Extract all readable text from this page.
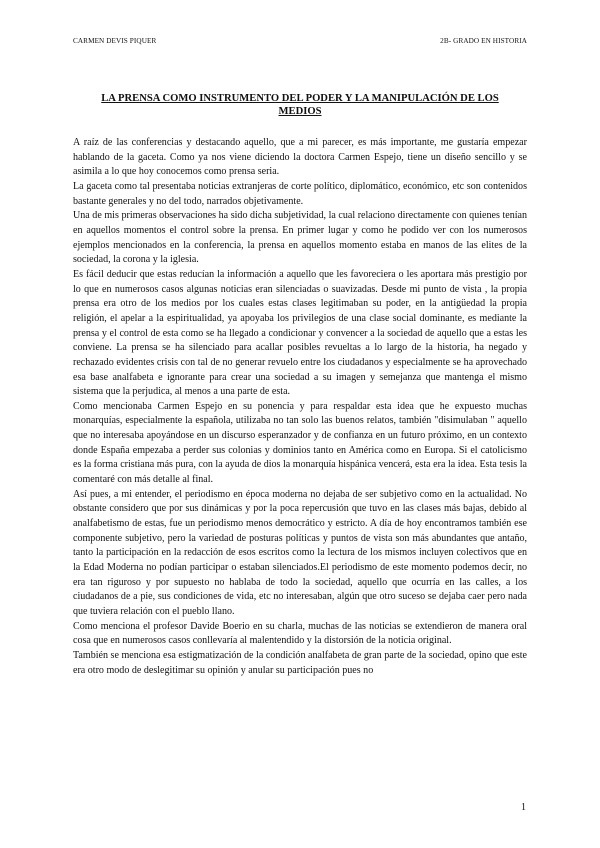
CARMEN DEVIS PIQUER	2B- GRADO EN HISTORIA
LA PRENSA COMO INSTRUMENTO DEL PODER Y LA MANIPULACIÓN DE LOS MEDIOS

A raíz de las conferencias y destacando aquello, que a mi parecer, es más importante, me gustaría empezar hablando de la gaceta. Como ya nos viene diciendo la doctora Carmen Espejo, tiene un diseño sencillo y se asimila a lo que hoy conocemos como prensa seria.

La gaceta como tal presentaba noticias extranjeras de corte político, diplomático, económico, etc son contenidos bastante generales y no del todo, narrados objetivamente.

Una de mis primeras observaciones ha sido dicha subjetividad, la cual relaciono directamente con quienes tenían en aquellos momentos el control sobre la prensa. En primer lugar y como he podido ver con los numerosos ejemplos mencionados en la conferencia, la prensa en aquellos momento estaba en manos de las elites de la sociedad, la corona y la iglesia.

Es fácil deducir que estas reducían la información a aquello que les favoreciera o les aportara más prestigio por lo que en numerosos casos algunas noticias eran silenciadas o suavizadas. Desde mi punto de vista , la propia prensa era otro de los medios por los cuales estas clases legitimaban su poder, en la antigüedad la propia religión, el apelar a la espiritualidad, ya apoyaba los privilegios de una clase social dominante, es mediante la prensa y el control de esta como se ha llegado a condicionar y convencer a la sociedad de aquello que a estas les conviene. La prensa se ha silenciado para acallar posibles revueltas a lo largo de la historia, ha negado y rechazado evidentes crisis con tal de no generar revuelo entre los ciudadanos y especialmente se ha aprovechado esa base analfabeta e ignorante para crear una sociedad a su imagen y semejanza que mantenga el mismo sistema que la perjudica, al menos a una parte de esta.

Como mencionaba Carmen Espejo en su ponencia y para respaldar esta idea que he expuesto muchas monarquías, especialmente la española, utilizaba no tan solo las buenos relatos, también "disimulaban " aquello que no interesaba apoyándose en un discurso esperanzador y de confianza en un futuro próximo, en un contexto donde España empezaba a perder sus colonias y dominios tanto en América como en Europa. Si el catolicismo es la forma cristiana más pura, con la ayuda de dios la monarquía hispánica vencerá, esta era la idea. Esta tesis la comentaré con más detalle al final.

Así pues, a mi entender, el periodismo en época moderna no dejaba de ser subjetivo como en la actualidad. No obstante considero que por sus dinámicas y por la poca repercusión que tuvo en las clases más bajas, debido al analfabetismo de estas, fue un periodismo menos democrático y estricto. A día de hoy encontramos también ese componente subjetivo, pero la variedad de posturas políticas y puntos de vista son más abundantes que antaño, tanto la participación en la redacción de esos escritos como la lectura de los mismos incluyen colectivos que en la Edad Moderna no podían participar o estaban silenciados.El periodismo de este momento podemos decir, no era tan riguroso y por supuesto no hablaba de todo la sociedad, aquello que ocurría en las calles, a los ciudadanos de a pie, sus condiciones de vida, etc no interesaban, algún que otro suceso se dejaba caer pero nada que tuviera relación con el pueblo llano.

Como menciona el profesor Davide Boerio en su charla, muchas de las noticias se extendieron de manera oral cosa que en numerosos casos conllevaría al malentendido y la distorsión de la noticia original.

También se menciona esa estigmatización de la condición analfabeta de gran parte de la sociedad, opino que este era otro modo de deslegitimar su opinión y anular su participación pues no

1
